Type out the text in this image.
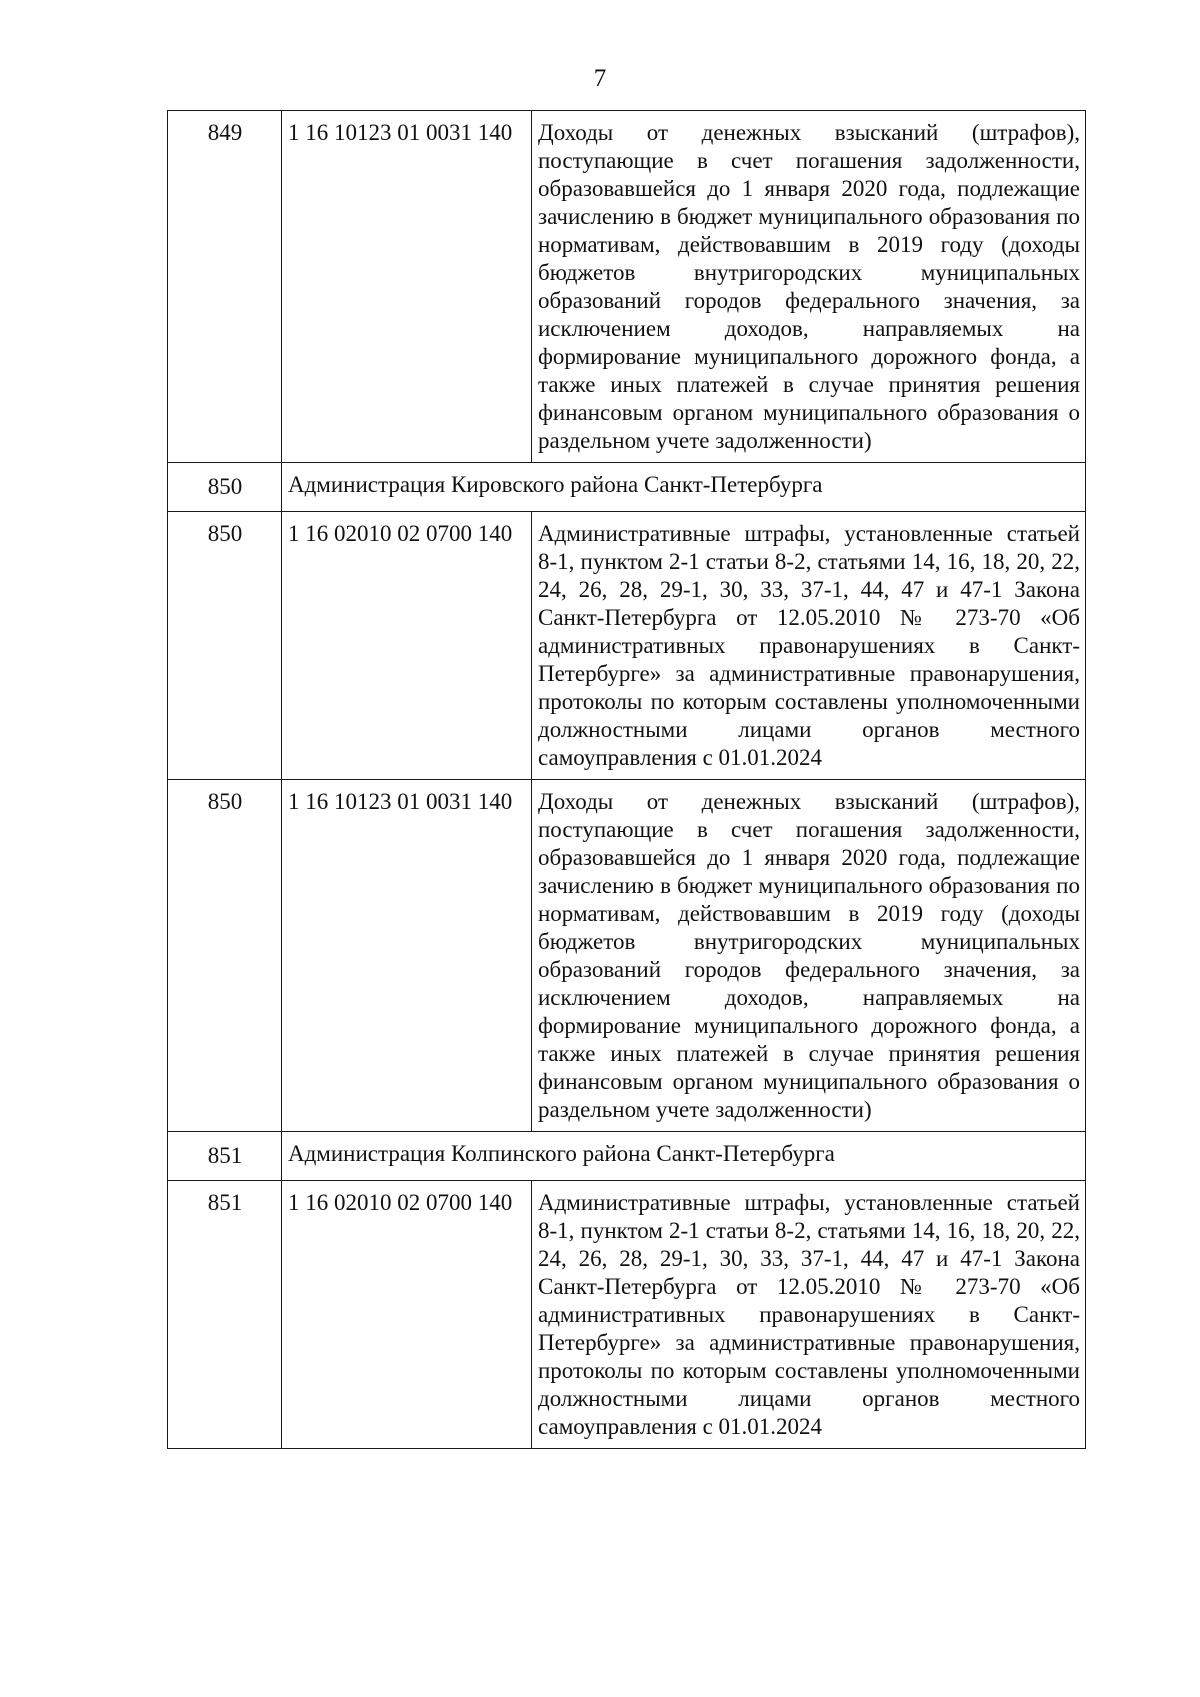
7
849	1 16 10123 01 0031 140	Доходы от денежных взысканий (штрафов), поступающие в счет погашения задолженности, образовавшейся до 1 января 2020 года, подлежащие зачислению в бюджет муниципального образования по нормативам, действовавшим в 2019 году (доходы бюджетов внутригородских муниципальных образований городов федерального значения, за исключением доходов, направляемых на формирование муниципального дорожного фонда, а также иных платежей в случае принятия решения финансовым органом муниципального образования о раздельном учете задолженности)
850	Администрация Кировского района Санкт-Петербурга	
850	1 16 02010 02 0700 140	Административные штрафы, установленные статьей 8-1, пунктом 2-1 статьи 8-2, статьями 14, 16, 18, 20, 22, 24, 26, 28, 29-1, 30, 33, 37-1, 44, 47 и 47-1 Закона Санкт-Петербурга от 12.05.2010 № 273-70 «Об административных правонарушениях в Санкт-Петербурге» за административные правонарушения, протоколы по которым составлены уполномоченными должностными лицами органов местного самоуправления с 01.01.2024
850	1 16 10123 01 0031 140	Доходы от денежных взысканий (штрафов), поступающие в счет погашения задолженности, образовавшейся до 1 января 2020 года, подлежащие зачислению в бюджет муниципального образования по нормативам, действовавшим в 2019 году (доходы бюджетов внутригородских муниципальных образований городов федерального значения, за исключением доходов, направляемых на формирование муниципального дорожного фонда, а также иных платежей в случае принятия решения финансовым органом муниципального образования о раздельном учете задолженности)
851	Администрация Колпинского района Санкт-Петербурга	
851	1 16 02010 02 0700 140	Административные штрафы, установленные статьей 8-1, пунктом 2-1 статьи 8-2, статьями 14, 16, 18, 20, 22, 24, 26, 28, 29-1, 30, 33, 37-1, 44, 47 и 47-1 Закона Санкт-Петербурга от 12.05.2010 № 273-70 «Об административных правонарушениях в Санкт-Петербурге» за административные правонарушения, протоколы по которым составлены уполномоченными должностными лицами органов местного самоуправления с 01.01.2024
